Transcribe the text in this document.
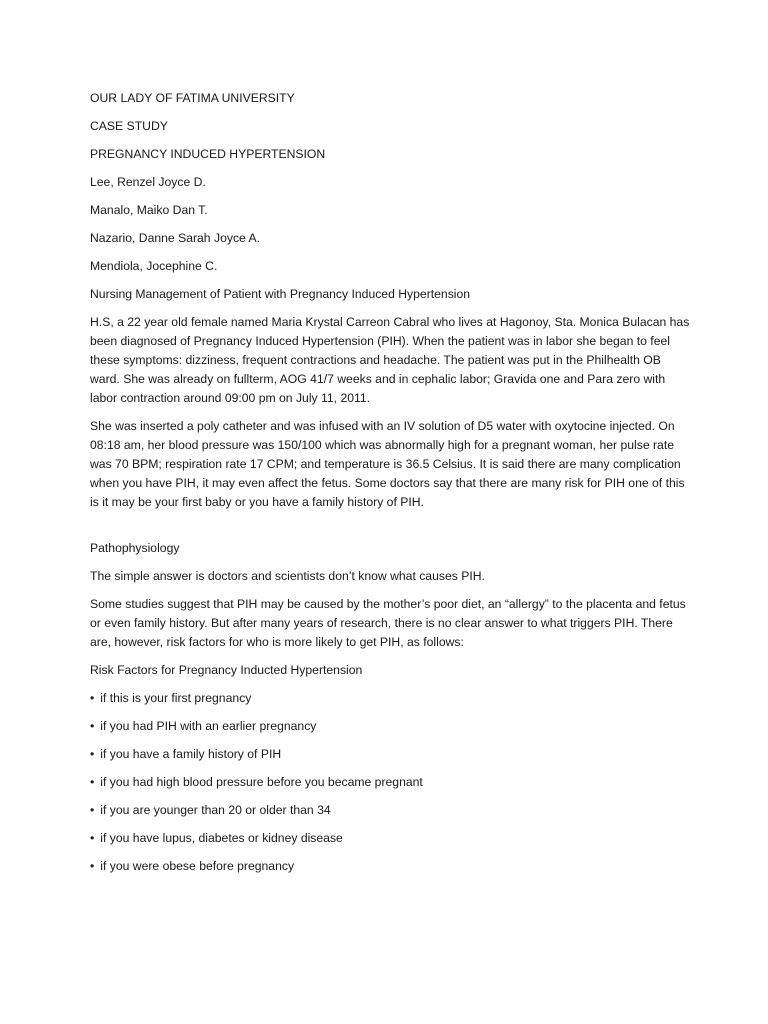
OUR LADY OF FATIMA UNIVERSITY

CASE STUDY

PREGNANCY INDUCED HYPERTENSION

Lee, Renzel Joyce D.

Manalo, Maiko Dan T.

Nazario, Danne Sarah Joyce A.

Mendiola, Jocephine C.

Nursing Management of Patient with Pregnancy Induced Hypertension

H.S, a 22 year old female named Maria Krystal Carreon Cabral who lives at Hagonoy, Sta. Monica Bulacan has been diagnosed of Pregnancy Induced Hypertension (PIH). When the patient was in labor she began to feel these symptoms: dizziness, frequent contractions and headache. The patient was put in the Philhealth OB ward. She was already on fullterm, AOG 41/7 weeks and in cephalic labor; Gravida one and Para zero with labor contraction around 09:00 pm on July 11, 2011.

She was inserted a poly catheter and was infused with an IV solution of D5 water with oxytocine injected. On 08:18 am, her blood pressure was 150/100 which was abnormally high for a pregnant woman, her pulse rate was 70 BPM; respiration rate 17 CPM; and temperature is 36.5 Celsius. It is said there are many complication when you have PIH, it may even affect the fetus. Some doctors say that there are many risk for PIH one of this is it may be your first baby or you have a family history of PIH.

Pathophysiology

The simple answer is doctors and scientists don’t know what causes PIH.

Some studies suggest that PIH may be caused by the mother’s poor diet, an “allergy” to the placenta and fetus or even family history. But after many years of research, there is no clear answer to what triggers PIH. There are, however, risk factors for who is more likely to get PIH, as follows:

Risk Factors for Pregnancy Inducted Hypertension

• if this is your first pregnancy

• if you had PIH with an earlier pregnancy

• if you have a family history of PIH

• if you had high blood pressure before you became pregnant

• if you are younger than 20 or older than 34

• if you have lupus, diabetes or kidney disease

• if you were obese before pregnancy
